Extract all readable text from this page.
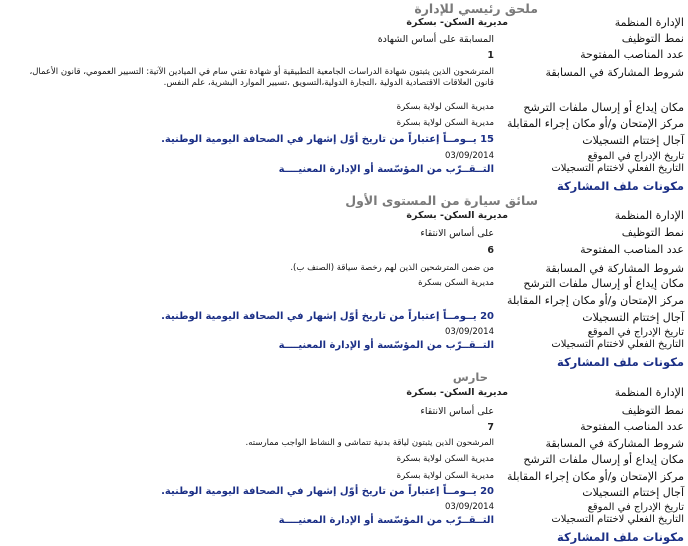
ملحق رئيسي للإدارة
الإدارة المنظمة
مديرية السكن- بسكرة
نمط التوظيف
المسابقة على أساس الشهادة
عدد المناصب المفتوحة
1
شروط المشاركة في المسابقة
المترشحون الذين يثبتون شهادة الدراسات الجامعية التطبيقية أو شهادة تقني سام في الميادين الآتية: التسيير العمومي، قانون الأعمال، قانون العلاقات الاقتصادية الدولية ،التجارة الدولية،التسويق ،تسيير الموارد البشرية، علم النفس.
مكان إيداع أو إرسال ملفات الترشح
مديرية السكن لولاية بسكرة
مركز الإمتحان و/أو مكان إجراء المقابلة
مديرية السكن لولاية بسكرة
آجال إختتام التسجيلات
15 يــومــاً إعتباراً من تاريخ أوّل إشهار في الصحافة اليومية الوطنية.
تاريخ الإدراج في الموقع
03/09/2014
التاريخ الفعلي لاختتام التسجيلات
التــقــرّب من المؤسّسة أو الإدارة المعنيــــة
مكونات ملف المشاركة
سائق سيارة من المستوى الأول
الإدارة المنظمة
مديرية السكن- بسكرة
نمط التوظيف
على أساس الانتقاء
عدد المناصب المفتوحة
6
شروط المشاركة في المسابقة
من ضمن المترشحين الذين لهم رخصة سياقة (الصنف ب).
مكان إيداع أو إرسال ملفات الترشح
مديرية السكن بسكرة
مركز الإمتحان و/أو مكان إجراء المقابلة
آجال إختتام التسجيلات
20 يــومــاً إعتباراً من تاريخ أوّل إشهار في الصحافة اليومية الوطنية.
تاريخ الإدراج في الموقع
03/09/2014
التاريخ الفعلي لاختتام التسجيلات
التــقــرّب من المؤسّسة أو الإدارة المعنيــــة
مكونات ملف المشاركة
حارس
الإدارة المنظمة
مديرية السكن- بسكرة
نمط التوظيف
على أساس الانتقاء
عدد المناصب المفتوحة
7
شروط المشاركة في المسابقة
المرشحون الذين يثبتون لياقة بدنية تتماشى و النشاط الواجب ممارسته.
مكان إيداع أو إرسال ملفات الترشح
مديرية السكن لولاية بسكرة
مركز الإمتحان و/أو مكان إجراء المقابلة
مديرية السكن لولاية بسكرة
آجال إختتام التسجيلات
20 يــومــاً إعتباراً من تاريخ أوّل إشهار في الصحافة اليومية الوطنية.
تاريخ الإدراج في الموقع
03/09/2014
التاريخ الفعلي لاختتام التسجيلات
التــقــرّب من المؤسّسة أو الإدارة المعنيــــة
مكونات ملف المشاركة
